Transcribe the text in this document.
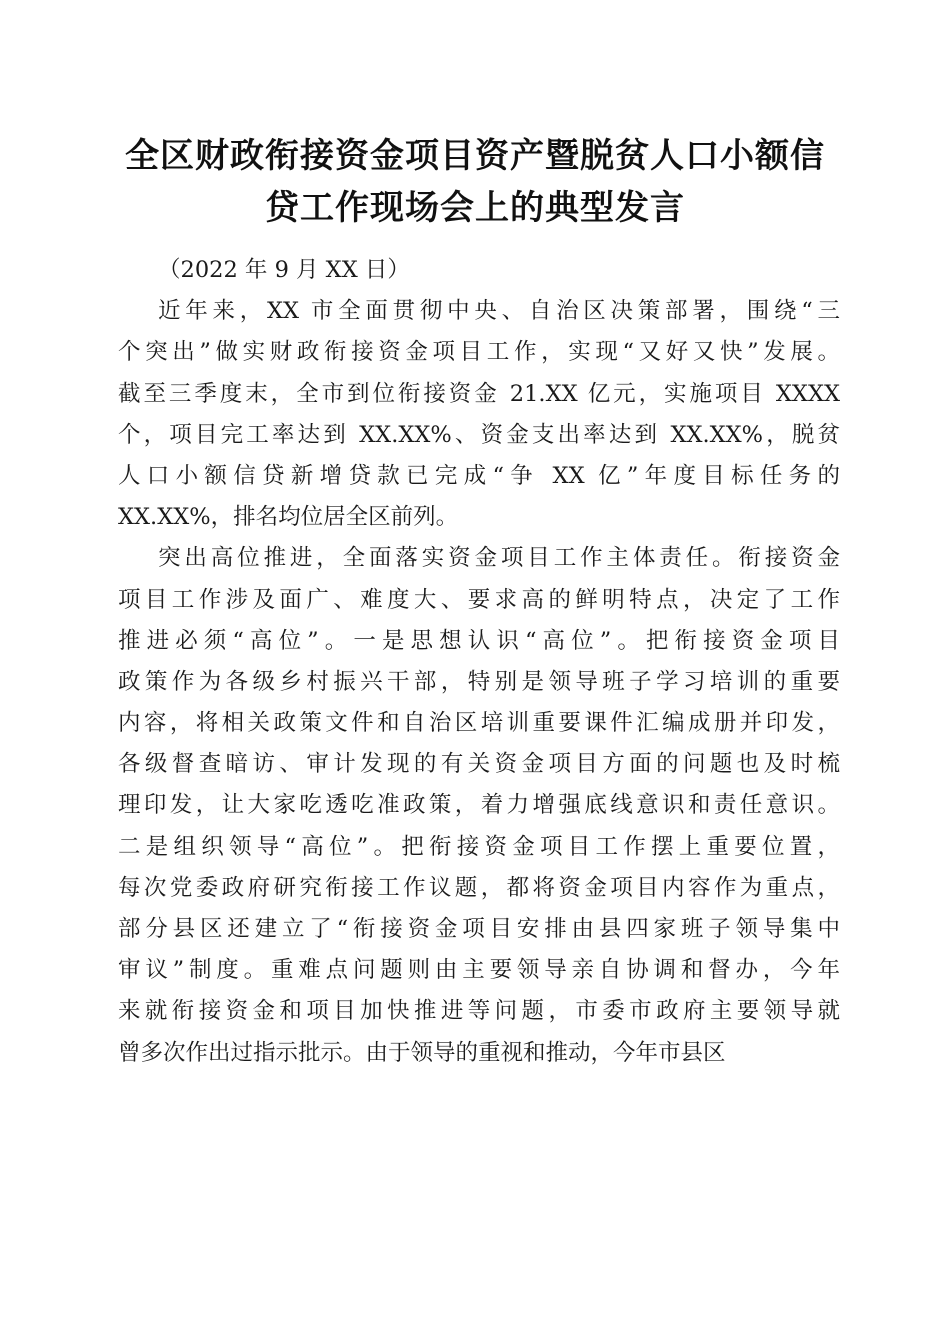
全区财政衔接资金项目资产暨脱贫人口小额信
贷工作现场会上的典型发言
（2022 年 9 月 XX 日）
近年来，XX 市全面贯彻中央、自治区决策部署，围绕“三
个突出”做实财政衔接资金项目工作，实现“又好又快”发展。
截至三季度末，全市到位衔接资金 21.XX 亿元，实施项目 XXXX
个，项目完工率达到 XX.XX%、资金支出率达到 XX.XX%，脱贫
人口小额信贷新增贷款已完成“争 XX 亿”年度目标任务的
XX.XX%，排名均位居全区前列。
突出高位推进，全面落实资金项目工作主体责任。衔接资金
项目工作涉及面广、难度大、要求高的鲜明特点，决定了工作
推进必须“高位”。一是思想认识“高位”。把衔接资金项目
政策作为各级乡村振兴干部，特别是领导班子学习培训的重要
内容，将相关政策文件和自治区培训重要课件汇编成册并印发，
各级督查暗访、审计发现的有关资金项目方面的问题也及时梳
理印发，让大家吃透吃准政策，着力增强底线意识和责任意识。
二是组织领导“高位”。把衔接资金项目工作摆上重要位置，
每次党委政府研究衔接工作议题，都将资金项目内容作为重点，
部分县区还建立了“衔接资金项目安排由县四家班子领导集中
审议”制度。重难点问题则由主要领导亲自协调和督办，今年
来就衔接资金和项目加快推进等问题，市委市政府主要领导就
曾多次作出过指示批示。由于领导的重视和推动，今年市县区
